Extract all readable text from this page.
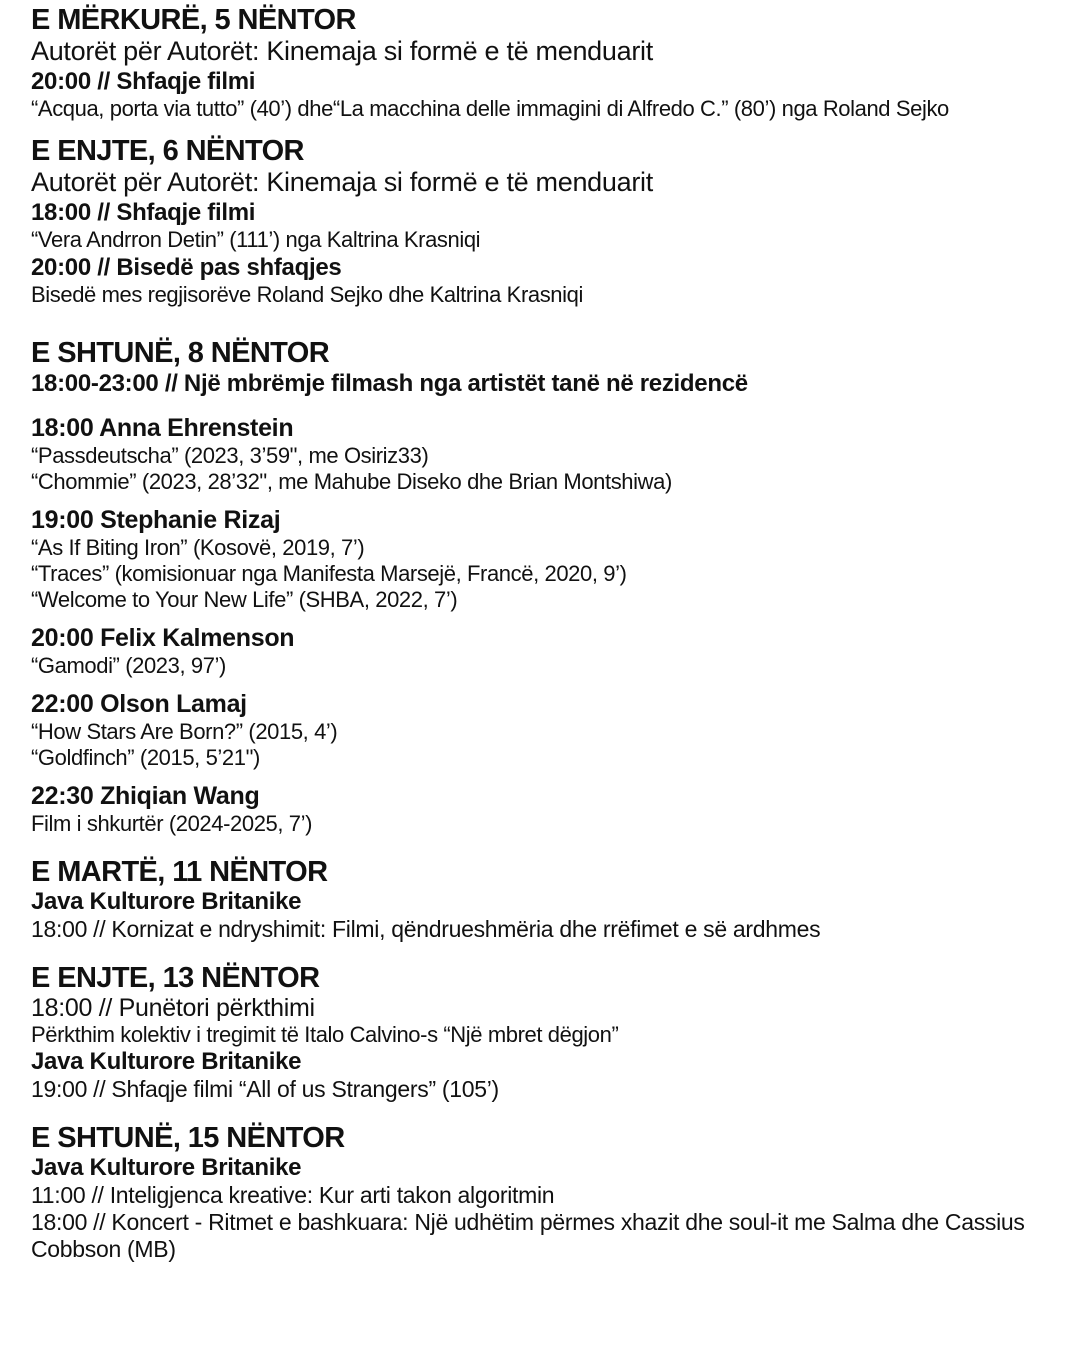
E MËRKURË, 5 NËNTOR
Autorët për Autorët: Kinemaja si formë e të menduarit
20:00 // Shfaqje filmi
“Acqua, porta via tutto” (40’) dhe“La macchina delle immagini di Alfredo C.” (80’) nga Roland Sejko
E ENJTE, 6 NËNTOR
Autorët për Autorët: Kinemaja si formë e të menduarit
18:00 // Shfaqje filmi
“Vera Andrron Detin” (111’) nga Kaltrina Krasniqi
20:00 // Bisedë pas shfaqjes
Bisedë mes regjisorëve Roland Sejko dhe Kaltrina Krasniqi
E SHTUNË, 8 NËNTOR
18:00-23:00 // Një mbrëmje filmash nga artistët tanë në rezidencë
18:00 Anna Ehrenstein
“Passdeutscha” (2023, 3’59", me Osiriz33)
“Chommie” (2023, 28’32", me Mahube Diseko dhe Brian Montshiwa)
19:00 Stephanie Rizaj
“As If Biting Iron” (Kosovë, 2019, 7’)
“Traces” (komisionuar nga Manifesta Marsejë, Francë, 2020, 9’)
“Welcome to Your New Life” (SHBA, 2022, 7’)
20:00 Felix Kalmenson
“Gamodi” (2023, 97’)
22:00 Olson Lamaj
“How Stars Are Born?” (2015, 4’)
“Goldfinch” (2015, 5’21")
22:30 Zhiqian Wang
Film i shkurtër (2024-2025, 7’)
E MARTË, 11 NËNTOR
Java Kulturore Britanike
18:00 // Kornizat e ndryshimit: Filmi, qëndrueshmëria dhe rrëfimet e së ardhmes
E ENJTE, 13 NËNTOR
18:00 // Punëtori përkthimi
Përkthim kolektiv i tregimit të Italo Calvino-s “Një mbret dëgjon”
Java Kulturore Britanike
19:00 // Shfaqje filmi “All of us Strangers” (105’)
E SHTUNË, 15 NËNTOR
Java Kulturore Britanike
11:00 // Inteligjenca kreative: Kur arti takon algoritmin
18:00 // Koncert - Ritmet e bashkuara: Një udhëtim përmes xhazit dhe soul-it me Salma dhe Cassius Cobbson (MB)
